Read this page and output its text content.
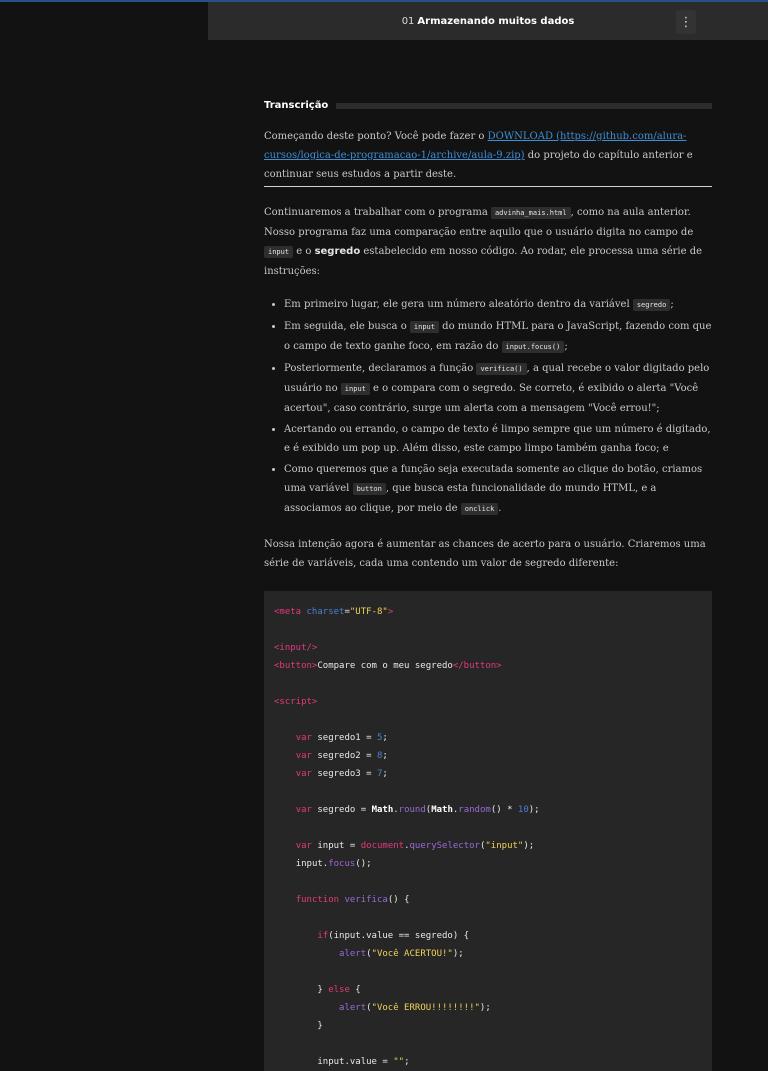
01 Armazenando muitos dados	⋮
Transcrição

Começando deste ponto? Você pode fazer o DOWNLOAD (https://github.com/alura-cursos/logica-de-programacao-1/archive/aula-9.zip) do projeto do capítulo anterior e continuar seus estudos a partir deste.

Continuaremos a trabalhar com o programa advinha_mais.html , como na aula anterior. Nosso programa faz uma comparação entre aquilo que o usuário digita no campo de input e o segredo estabelecido em nosso código. Ao rodar, ele processa uma série de instruções:

• Em primeiro lugar, ele gera um número aleatório dentro da variável segredo ;
• Em seguida, ele busca o input do mundo HTML para o JavaScript, fazendo com que o campo de texto ganhe foco, em razão do input.focus() ;
• Posteriormente, declaramos a função verifica() , a qual recebe o valor digitado pelo usuário no input e o compara com o segredo. Se correto, é exibido o alerta "Você acertou", caso contrário, surge um alerta com a mensagem "Você errou!";
• Acertando ou errando, o campo de texto é limpo sempre que um número é digitado, e é exibido um pop up. Além disso, este campo limpo também ganha foco; e
• Como queremos que a função seja executada somente ao clique do botão, criamos uma variável button , que busca esta funcionalidade do mundo HTML, e a associamos ao clique, por meio de onclick .

Nossa intenção agora é aumentar as chances de acerto para o usuário. Criaremos uma série de variáveis, cada uma contendo um valor de segredo diferente:

<meta charset="UTF-8">

<input/>
<button>Compare com o meu segredo</button>

<script>

var segredo1 = 5;
var segredo2 = 8;
var segredo3 = 7;

var segredo = Math.round(Math.random() * 10);

var input = document.querySelector("input");
input.focus();

function verifica() {

if(input.value == segredo) {
alert("Você ACERTOU!");

} else {
alert("Você ERROU!!!!!!!!");
}

input.value = "";
